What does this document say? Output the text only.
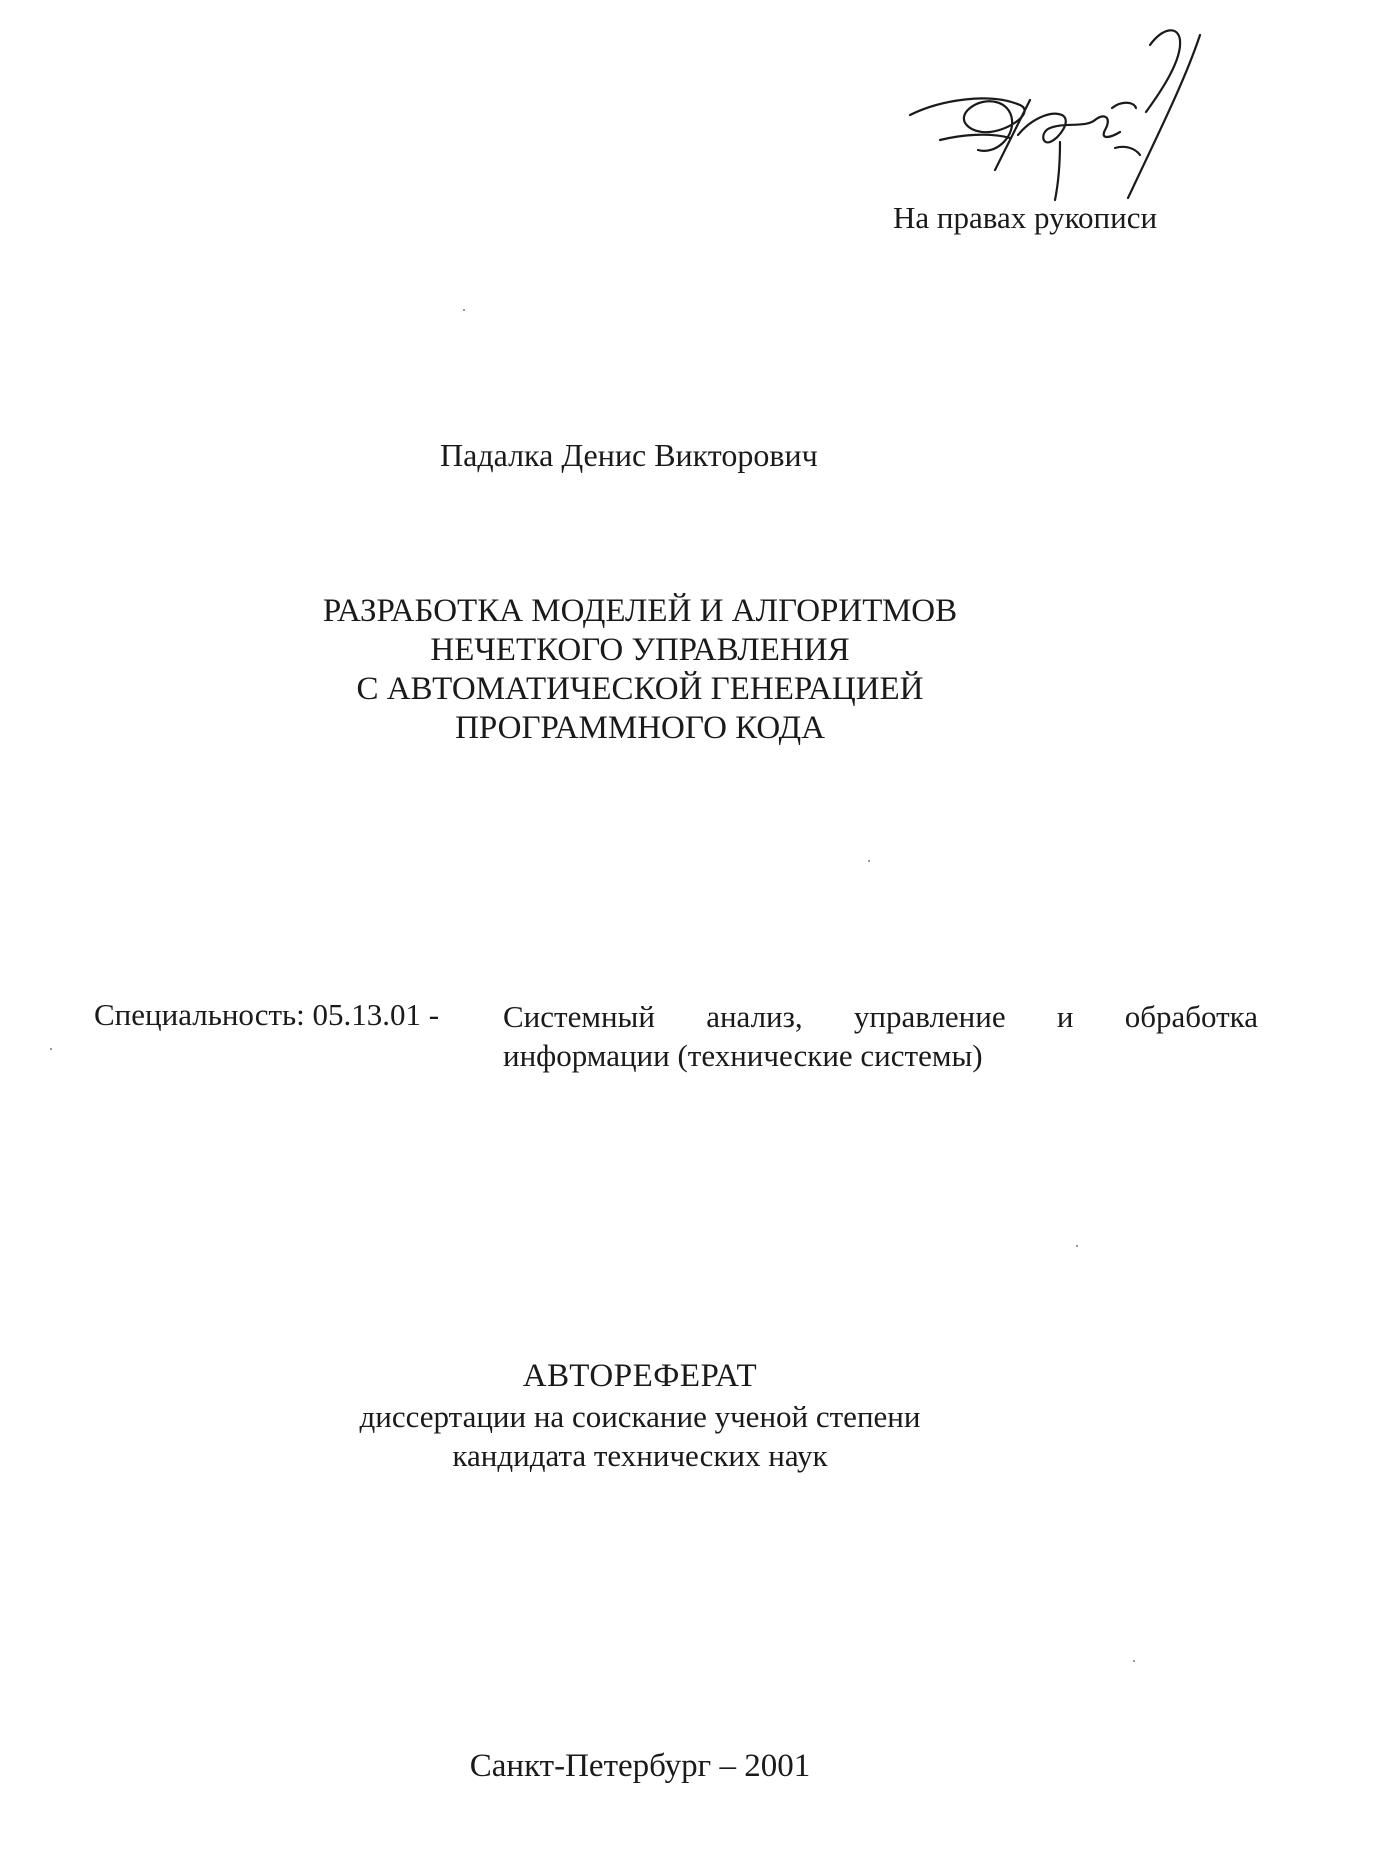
На правах рукописи
Падалка Денис Викторович
РАЗРАБОТКА МОДЕЛЕЙ И АЛГОРИТМОВ
НЕЧЕТКОГО УПРАВЛЕНИЯ
С АВТОМАТИЧЕСКОЙ ГЕНЕРАЦИЕЙ
ПРОГРАММНОГО КОДА
Специальность: 05.13.01 - Системный анализ, управление и обработка
информации (технические системы)
АВТОРЕФЕРАТ
диссертации на соискание ученой степени
кандидата технических наук
Санкт-Петербург – 2001
